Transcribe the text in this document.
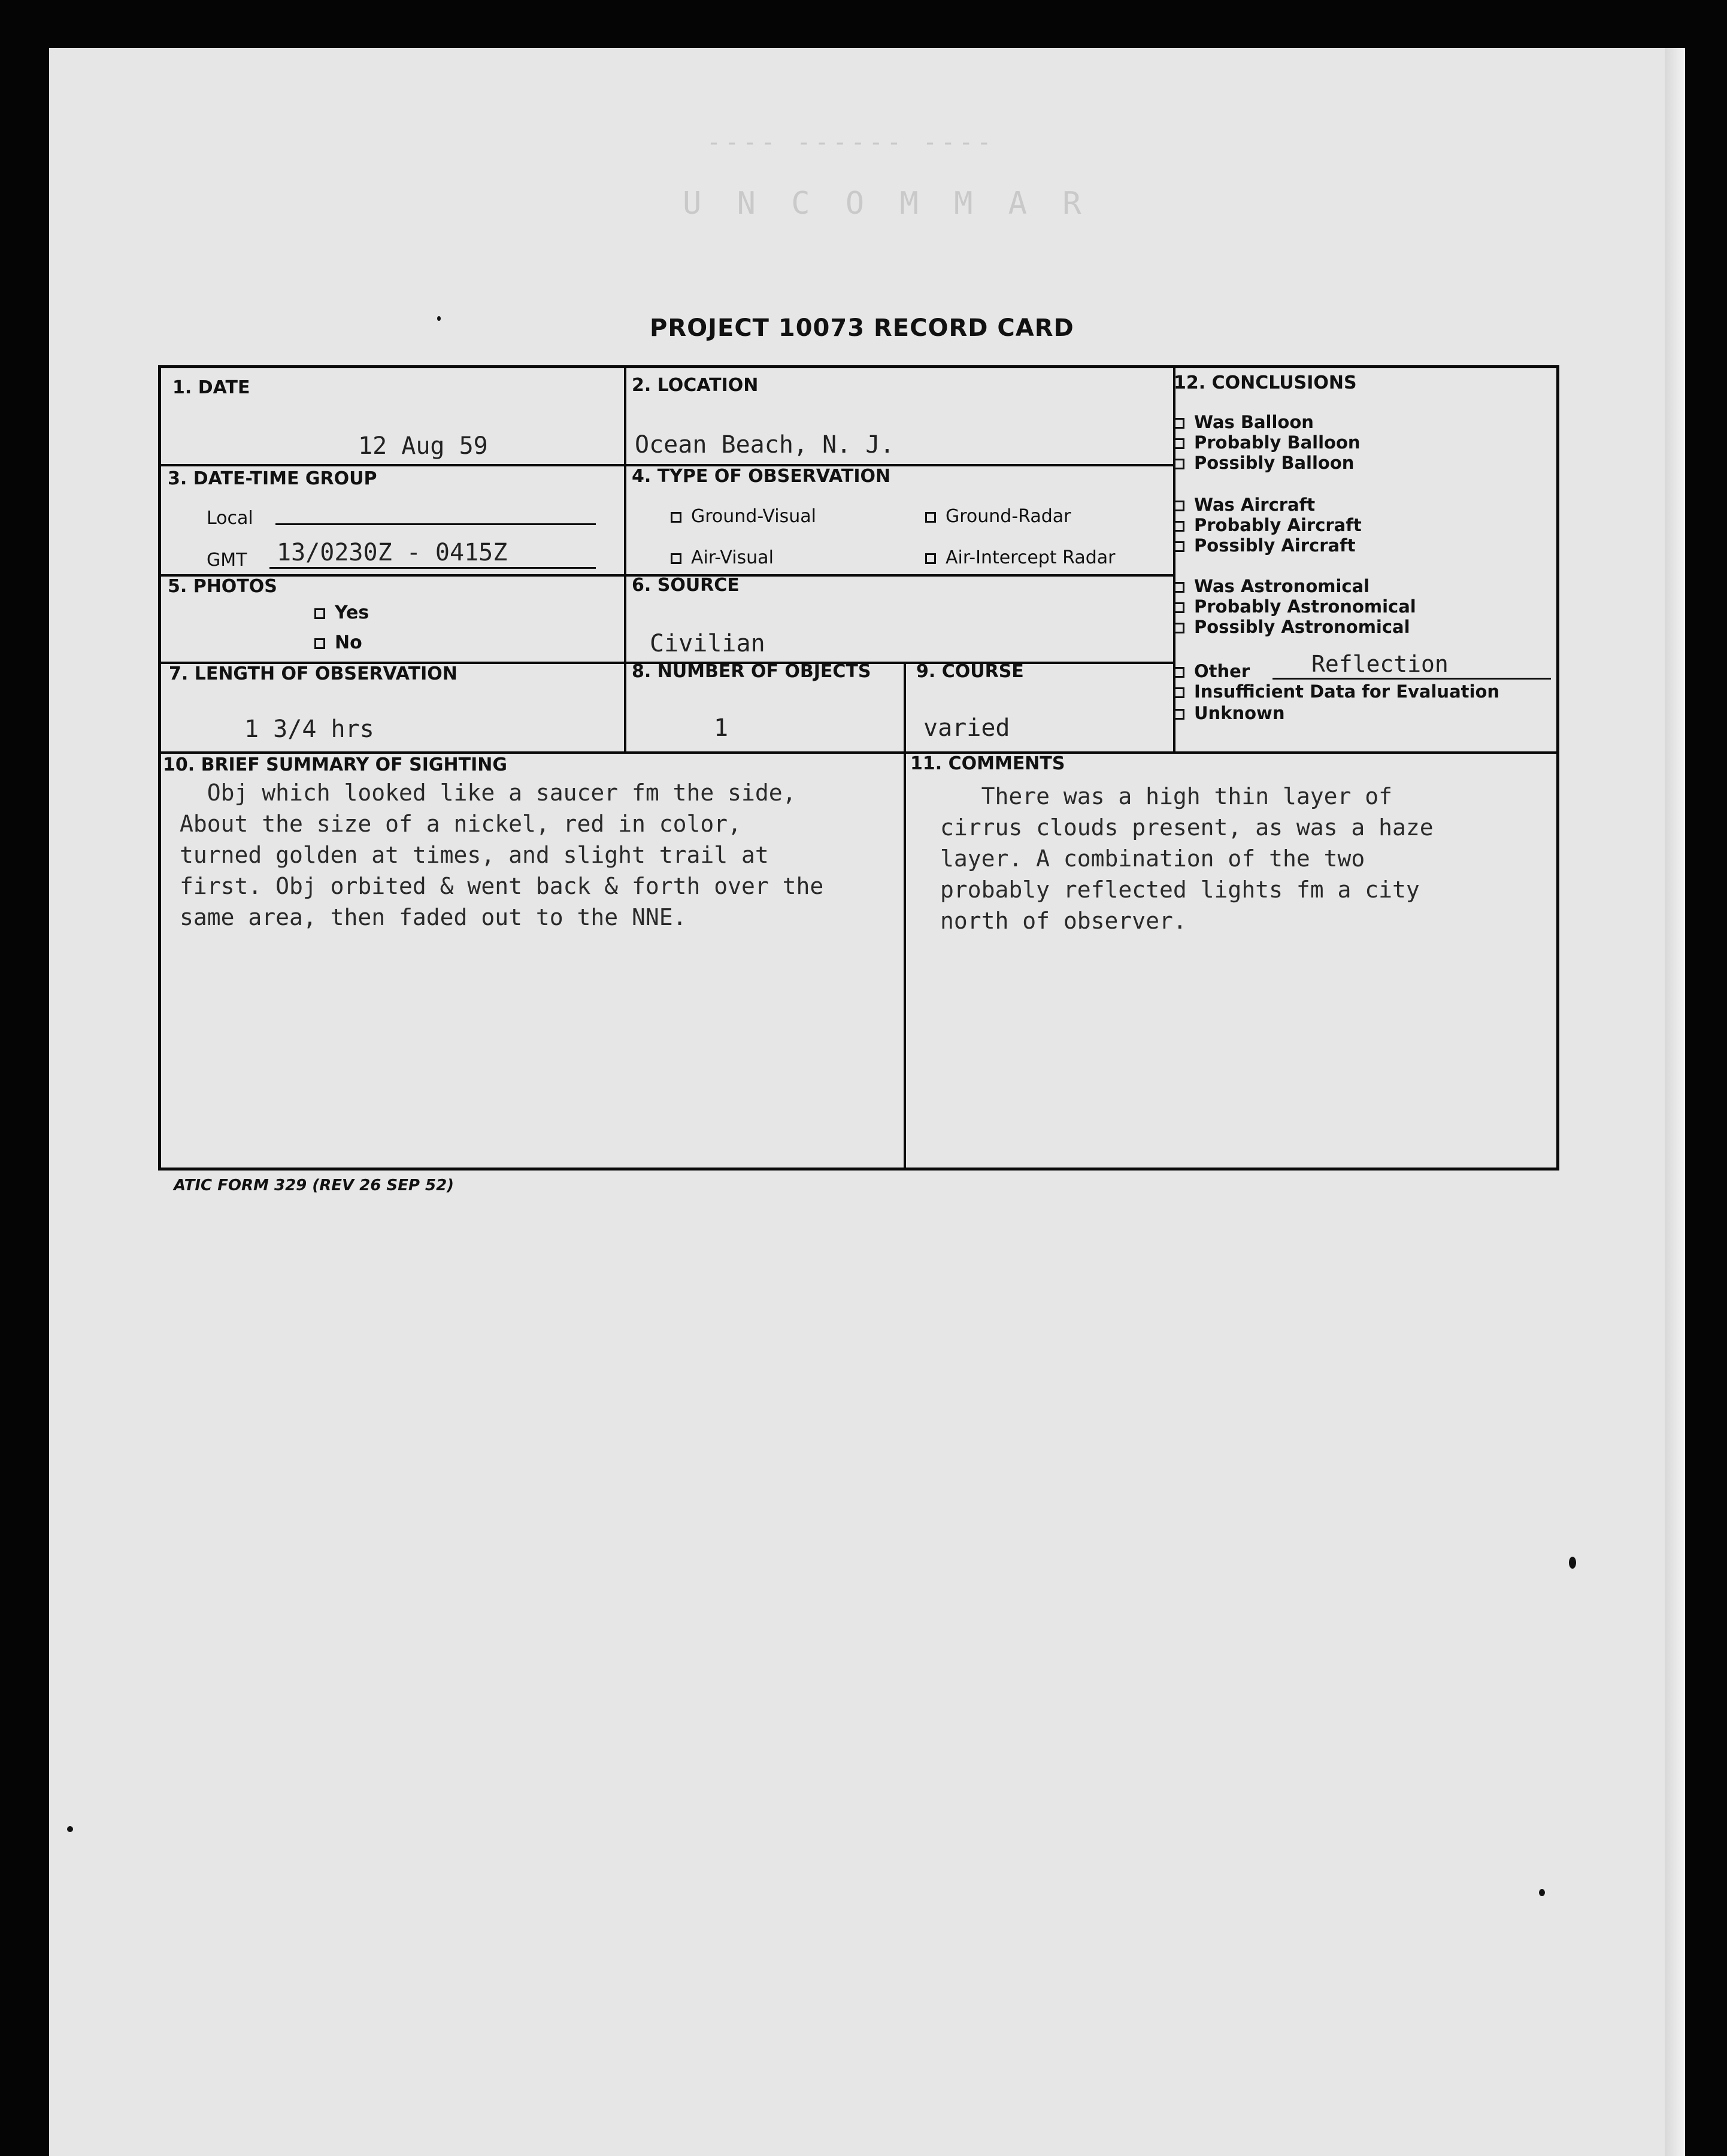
U N C O M M A R
---- ------ ----
PROJECT 10073 RECORD CARD
1. DATE
12 Aug 59
2. LOCATION
Ocean Beach, N. J.
3. DATE-TIME GROUP
Local
GMT 13/0230Z - 0415Z
4. TYPE OF OBSERVATION
Ground-Visual	Ground-Radar
Air-Visual	Air-Intercept Radar
5. PHOTOS
Yes
No
6. SOURCE
Civilian
7. LENGTH OF OBSERVATION
1 3/4 hrs
8. NUMBER OF OBJECTS
1
9. COURSE
varied
10. BRIEF SUMMARY OF SIGHTING
Obj which looked like a saucer fm the side,
About the size of a nickel, red in color,
turned golden at times, and slight trail at
first. Obj orbited & went back & forth over the
same area, then faded out to the NNE.
11. COMMENTS
There was a high thin layer of
cirrus clouds present, as was a haze
layer. A combination of the two
probably reflected lights fm a city
north of observer.
12. CONCLUSIONS
Was Balloon
Probably Balloon
Possibly Balloon
Was Aircraft
Probably Aircraft
Possibly Aircraft
Was Astronomical
Probably Astronomical
Possibly Astronomical
Other	Reflection
Insufficient Data for Evaluation
Unknown
ATIC FORM 329 (REV 26 SEP 52)
